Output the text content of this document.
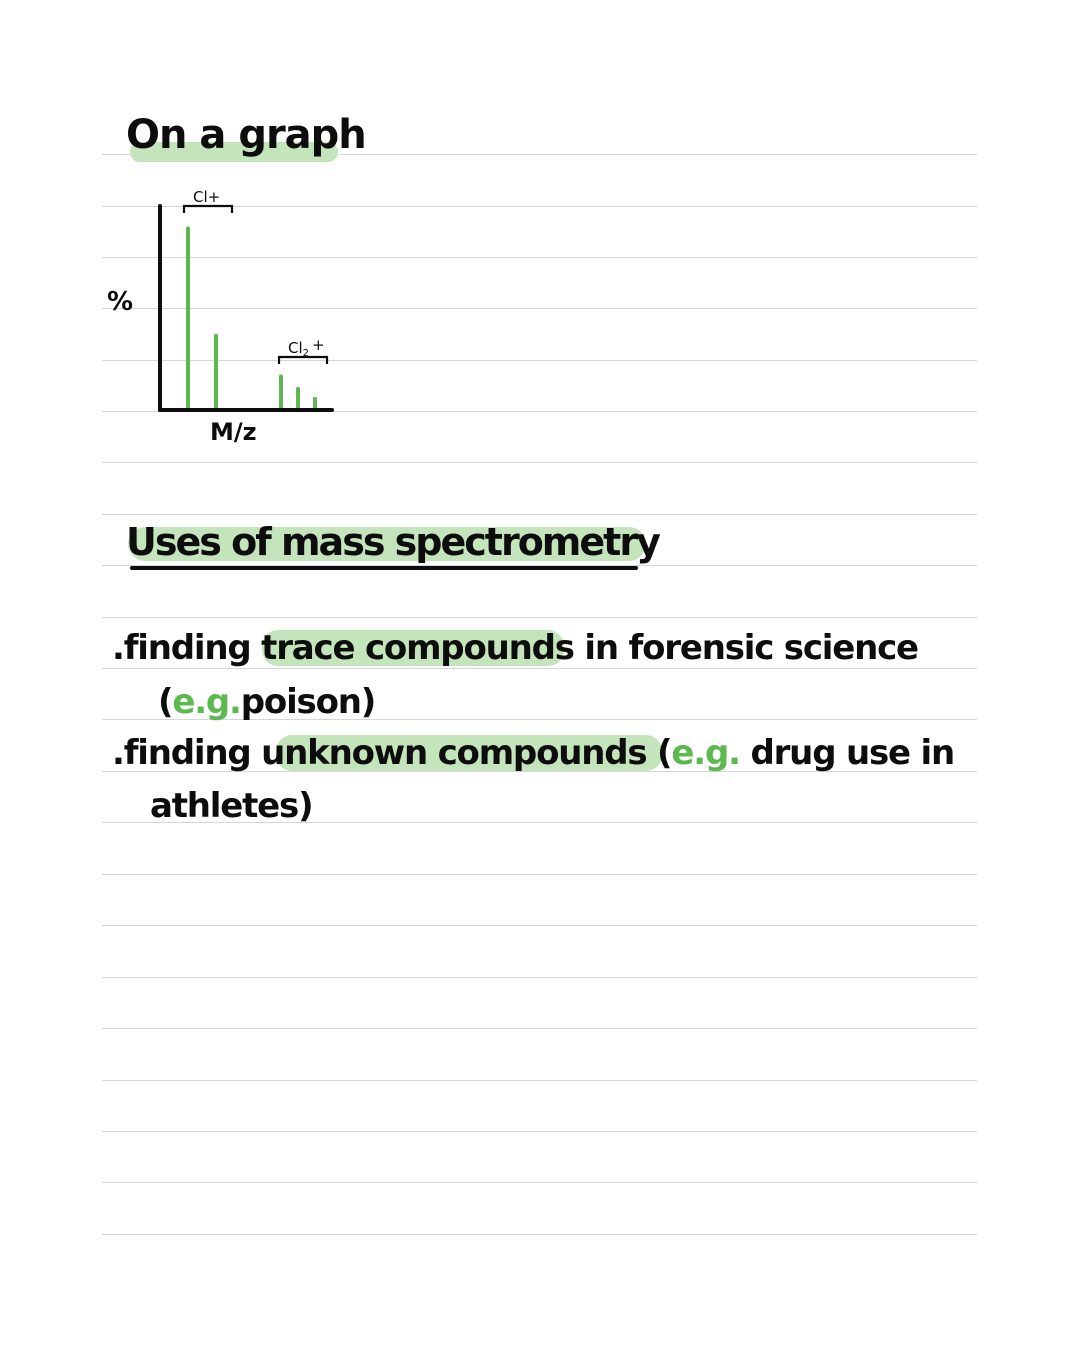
On a graph
Cl+
$Cl_2$ +
%
M/z
Uses of mass spectrometry
.finding trace compounds in forensic science
(e.g.poison)
.finding unknown compounds (e.g. drug use in
athletes)
